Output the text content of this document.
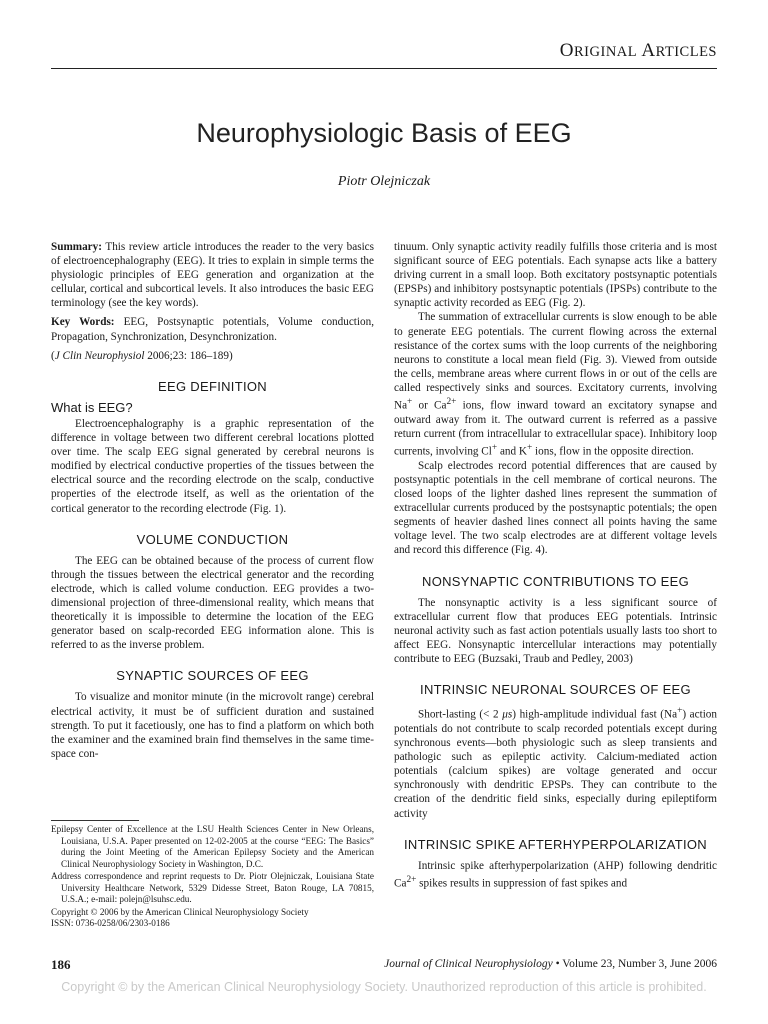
ORIGINAL ARTICLES
Neurophysiologic Basis of EEG
Piotr Olejniczak

Summary: This review article introduces the reader to the very basics of electroencephalography (EEG). It tries to explain in simple terms the physiologic principles of EEG generation and organization at the cellular, cortical and subcortical levels. It also introduces the basic EEG terminology (see the key words).

Key Words: EEG, Postsynaptic potentials, Volume conduction, Propagation, Synchronization, Desynchronization.

(J Clin Neurophysiol 2006;23: 186–189)

EEG DEFINITION
What is EEG?

Electroencephalography is a graphic representation of the difference in voltage between two different cerebral locations plotted over time. The scalp EEG signal generated by cerebral neurons is modified by electrical conductive properties of the tissues between the electrical source and the recording electrode on the scalp, conductive properties of the electrode itself, as well as the orientation of the cortical generator to the recording electrode (Fig. 1).

VOLUME CONDUCTION

The EEG can be obtained because of the process of current flow through the tissues between the electrical generator and the recording electrode, which is called volume conduction. EEG provides a two-dimensional projection of three-dimensional reality, which means that theoretically it is impossible to determine the location of the EEG generator based on scalp-recorded EEG information alone. This is referred to as the inverse problem.

SYNAPTIC SOURCES OF EEG

To visualize and monitor minute (in the microvolt range) cerebral electrical activity, it must be of sufficient duration and sustained strength. To put it facetiously, one has to find a platform on which both the examiner and the examined brain find themselves in the same time-space con-

tinuum. Only synaptic activity readily fulfills those criteria and is most significant source of EEG potentials. Each synapse acts like a battery driving current in a small loop. Both excitatory postsynaptic potentials (EPSPs) and inhibitory postsynaptic potentials (IPSPs) contribute to the synaptic activity recorded as EEG (Fig. 2).

The summation of extracellular currents is slow enough to be able to generate EEG potentials. The current flowing across the external resistance of the cortex sums with the loop currents of the neighboring neurons to constitute a local mean field (Fig. 3). Viewed from outside the cells, membrane areas where current flows in or out of the cells are called respectively sinks and sources. Excitatory currents, involving Na+ or $Ca^{2+}$ ions, flow inward toward an excitatory synapse and outward away from it. The outward current is referred as a passive return current (from intracellular to extracellular space). Inhibitory loop currents, involving Cl+ and K+ ions, flow in the opposite direction.

Scalp electrodes record potential differences that are caused by postsynaptic potentials in the cell membrane of cortical neurons. The closed loops of the lighter dashed lines represent the summation of extracellular currents produced by the postsynaptic potentials; the open segments of heavier dashed lines connect all points having the same voltage level. The two scalp electrodes are at different voltage levels and record this difference (Fig. 4).

NONSYNAPTIC CONTRIBUTIONS TO EEG

The nonsynaptic activity is a less significant source of extracellular current flow that produces EEG potentials. Intrinsic neuronal activity such as fast action potentials usually lasts too short to affect EEG. Nonsynaptic intercellular interactions may potentially contribute to EEG (Buzsaki, Traub and Pedley, 2003)

INTRINSIC NEURONAL SOURCES OF EEG

Short-lasting (< 2 μs) high-amplitude individual fast (Na+) action potentials do not contribute to scalp recorded potentials except during synchronous events—both physiologic such as sleep transients and pathologic such as epileptic activity. Calcium-mediated action potentials (calcium spikes) are voltage generated and occur synchronously with dendritic EPSPs. They can contribute to the creation of the dendritic field sinks, especially during epileptiform activity

INTRINSIC SPIKE AFTERHYPERPOLARIZATION

Intrinsic spike afterhyperpolarization (AHP) following dendritic $Ca^{2+}$ spikes results in suppression of fast spikes and

Epilepsy Center of Excellence at the LSU Health Sciences Center in New Orleans, Louisiana, U.S.A. Paper presented on 12-02-2005 at the course “EEG: The Basics” during the Joint Meeting of the American Epilepsy Society and the American Clinical Neurophysiology Society in Washington, D.C.

Address correspondence and reprint requests to Dr. Piotr Olejniczak, Louisiana State University Healthcare Network, 5329 Didesse Street, Baton Rouge, LA 70815, U.S.A.; e-mail: polejn@lsuhsc.edu.

Copyright © 2006 by the American Clinical Neurophysiology Society

ISSN: 0736-0258/06/2303-0186

186	Journal of Clinical Neurophysiology • Volume 23, Number 3, June 2006
Copyright © by the American Clinical Neurophysiology Society. Unauthorized reproduction of this article is prohibited.
